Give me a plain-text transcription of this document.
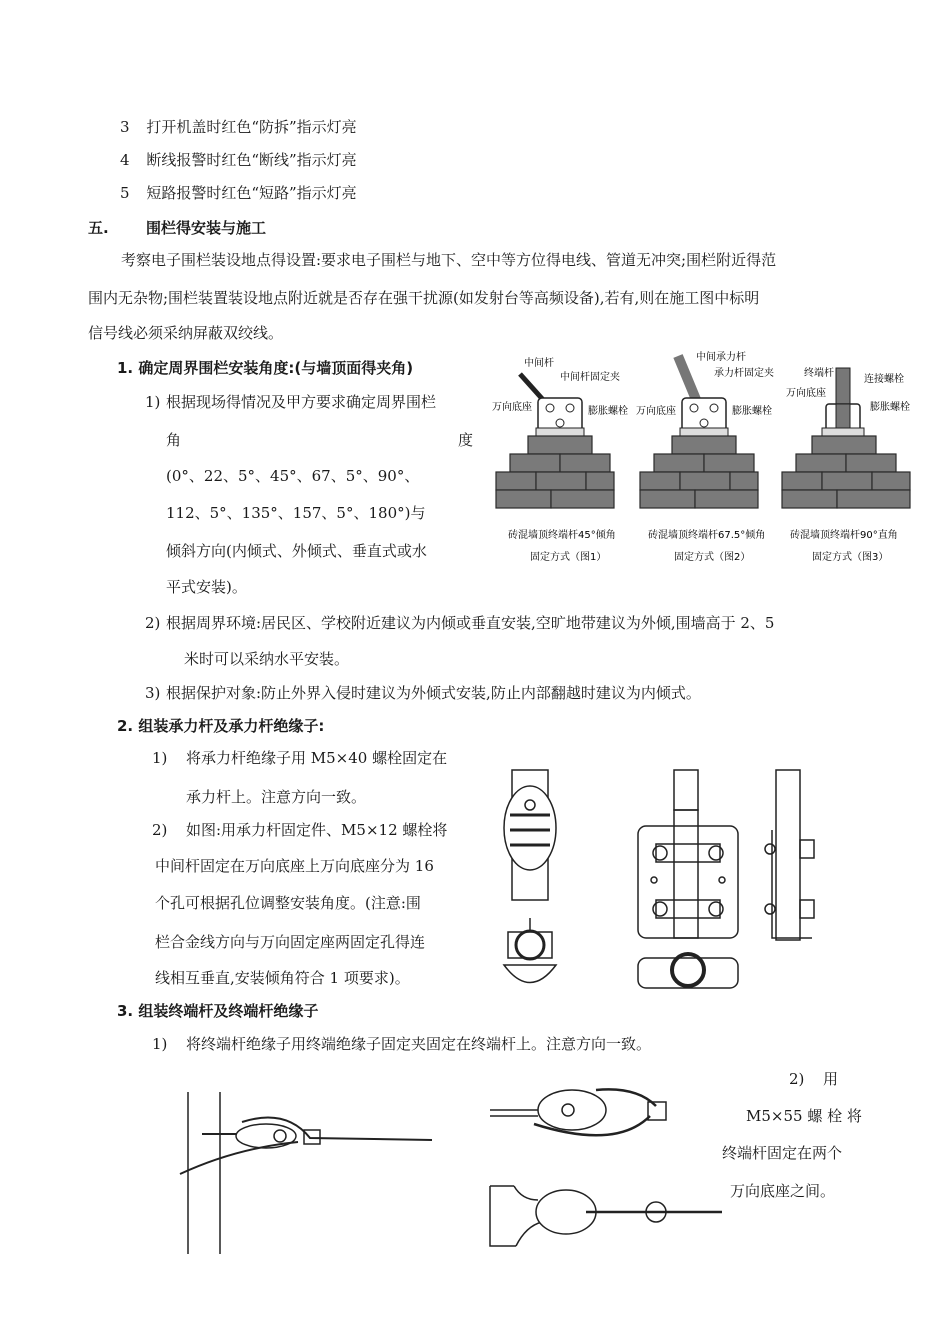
3 打开机盖时红色“防拆”指示灯亮
4 断线报警时红色“断线”指示灯亮
5 短路报警时红色“短路”指示灯亮
五. 围栏得安装与施工
考察电子围栏装设地点得设置:要求电子围栏与地下、空中等方位得电线、管道无冲突;围栏附近得范
围内无杂物;围栏装置装设地点附近就是否存在强干扰源(如发射台等高频设备),若有,则在施工图中标明
信号线必须采纳屏蔽双绞线。
1. 确定周界围栏安装角度:(与墙顶面得夹角)
1) 根据现场得情况及甲方要求确定周界围栏
角	度
(0°、22、5°、45°、67、5°、90°、
112、5°、135°、157、5°、180°)与
倾斜方向(内倾式、外倾式、垂直式或水
平式安装)。
中间杆
中间杆固定夹
万向底座	膨胀螺栓
砖混墙顶终端杆45°倾角
固定方式（图1）
中间承力杆
承力杆固定夹
万向底座	膨胀螺栓
砖混墙顶终端杆67.5°倾角
固定方式（图2）
终端杆
连接螺栓
万向底座
膨胀螺栓
砖混墙顶终端杆90°直角
固定方式（图3）
2) 根据周界环境:居民区、学校附近建议为内倾或垂直安装,空旷地带建议为外倾,围墙高于 2、5
米时可以采纳水平安装。
3) 根据保护对象:防止外界入侵时建议为外倾式安装,防止内部翻越时建议为内倾式。
2. 组装承力杆及承力杆绝缘子:
1) 将承力杆绝缘子用 M5×40 螺栓固定在
承力杆上。注意方向一致。
2) 如图:用承力杆固定件、M5×12 螺栓将
中间杆固定在万向底座上万向底座分为 16
个孔可根据孔位调整安装角度。(注意:围
栏合金线方向与万向固定座两固定孔得连
线相互垂直,安装倾角符合 1 项要求)。
3. 组装终端杆及终端杆绝缘子
1) 将终端杆绝缘子用终端绝缘子固定夹固定在终端杆上。注意方向一致。
2) 用
M5×55 螺 栓 将
终端杆固定在两个
万向底座之间。
